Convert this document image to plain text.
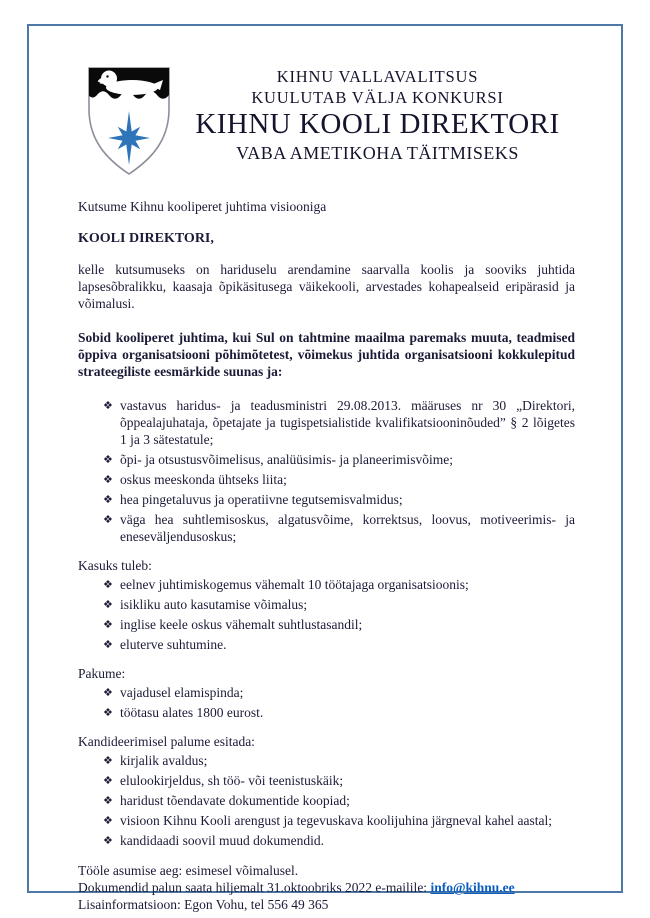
KIHNU VALLAVALITSUS
KUULUTAB VÄLJA KONKURSI
KIHNU KOOLI DIREKTORI
VABA AMETIKOHA TÄITMISEKS

Kutsume Kihnu kooliperet juhtima visiooniga

KOOLI DIREKTORI,

kelle kutsumuseks on hariduselu arendamine saarvalla koolis ja sooviks juhtida lapsesõbralikku, kaasaja õpikäsitusega väikekooli, arvestades kohapealseid eripärasid ja võimalusi.

Sobid kooliperet juhtima, kui Sul on tahtmine maailma paremaks muuta, teadmised õppiva organisatsiooni põhimõtetest, võimekus juhtida organisatsiooni kokkulepitud strateegiliste eesmärkide suunas ja:

❖ vastavus haridus- ja teadusministri 29.08.2013. määruses nr 30 „Direktori, õppealajuhataja, õpetajate ja tugispetsialistide kvalifikatsiooninõuded” § 2 lõigetes 1 ja 3 sätestatule;
❖ õpi- ja otsustusvõimelisus, analüüsimis- ja planeerimisvõime;
❖ oskus meeskonda ühtseks liita;
❖ hea pingetaluvus ja operatiivne tegutsemisvalmidus;
❖ väga hea suhtlemisoskus, algatusvõime, korrektsus, loovus, motiveerimis- ja eneseväljendusoskus;

Kasuks tuleb:

❖ eelnev juhtimiskogemus vähemalt 10 töötajaga organisatsioonis;
❖ isikliku auto kasutamise võimalus;
❖ inglise keele oskus vähemalt suhtlustasandil;
❖ eluterve suhtumine.

Pakume:

❖ vajadusel elamispinda;
❖ töötasu alates 1800 eurost.

Kandideerimisel palume esitada:

❖ kirjalik avaldus;
❖ elulookirjeldus, sh töö- või teenistuskäik;
❖ haridust tõendavate dokumentide koopiad;
❖ visioon Kihnu Kooli arengust ja tegevuskava koolijuhina järgneval kahel aastal;
❖ kandidaadi soovil muud dokumendid.

Tööle asumise aeg: esimesel võimalusel.

Dokumendid palun saata hiljemalt 31.oktoobriks 2022 e-mailile: info@kihnu.ee

Lisainformatsioon: Egon Vohu, tel 556 49 365
